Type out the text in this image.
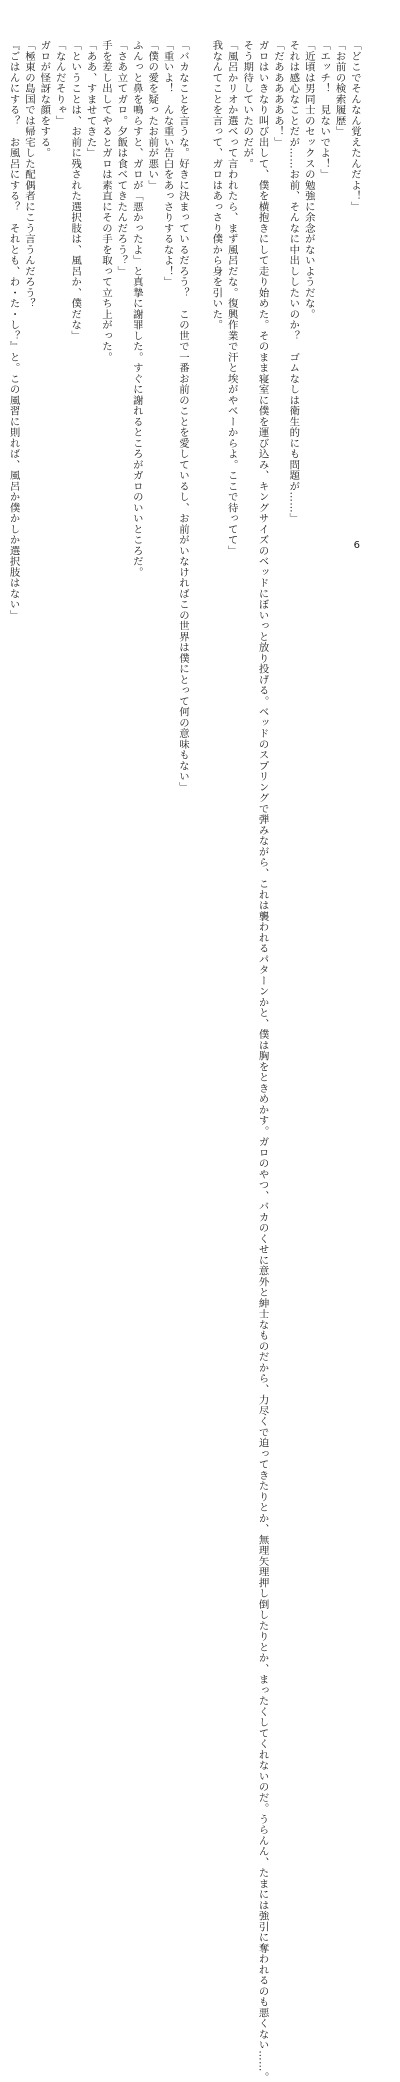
「どこでそんなん覚えたんだよ！」
「お前の検索履歴」
「エッチ！　見ないでよ！」
「近頃は男同士のセックスの勉強に余念がないようだな。
それは感心なことだが……お前、そんなに中出ししたいのか？　ゴムなしは衛生的にも問題が……」
「だああああああ！」
ガロはいきなり叫び出して、僕を横抱きにして走り始めた。そのまま寝室に僕を運び込み、キングサイズのベッドにぼいっと放り投げる。ベッドのスプリングで弾みながら、これは襲われるパターンかと、僕は胸をときめかす。ガロのやつ、バカのくせに意外と紳士なものだから、力尽くで迫ってきたりとか、無理矢理押し倒したりとか、まったくしてくれないのだ。うらんん、たまには強引に奪われるのも悪くない……。
そう期待していたのだが。
「風呂かリオか選べって言われたら、まず風呂だな。復興作業で汗と埃がやべーからよ。ここで待ってて」
我なんてことを言って、ガロはあっさり僕から身を引いた。
「バカなことを言うな。好きに決まっているだろう？　この世で一番お前のことを愛しているし、お前がいなければこの世界は僕にとって何の意味もない」
「重いよ！　んな重い告白をあっさりするなよ！」
「僕の愛を疑ったお前が悪い」
ふんっと鼻を鳴らすと、ガロが「悪かったよ」と真摯に謝罪した。すぐに謝れるところがガロのいいところだ。
「さあ立てガロ。夕飯は食べてきたんだろう？」
手を差し出してやるとガロは素直にその手を取って立ち上がった。
「ああ、すませてきた」
「ということは、お前に残された選択肢は、風呂か、僕だな」
「なんだそりゃ」
ガロが怪訝な顔をする。
「極東の島国では帰宅した配偶者にこう言うんだろう？
『ごはんにする？　お風呂にする？　それとも、わ・た・し？』と。この風習に則れば、風呂か僕かしか選択肢はない」	6
